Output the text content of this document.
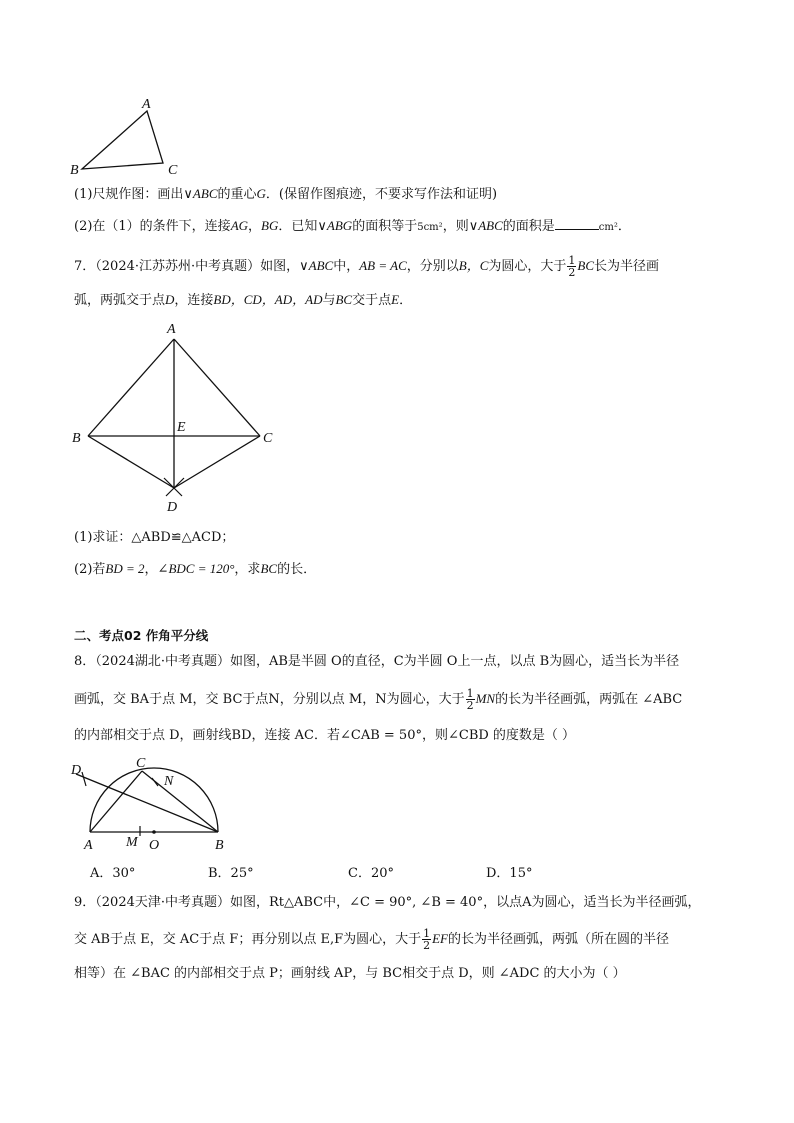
A
B	C
(1)尺规作图：画出∨ABC的重心G．(保留作图痕迹，不要求写作法和证明)
(2)在（1）的条件下，连接AG，BG．已知∨ABG的面积等于5cm²，则∨ABC的面积是	cm²．
7．（2024·江苏苏州·中考真题）如图，∨ABC中，AB = AC，分别以B，C为圆心，大于 $\frac{1}{2}$ BC长为半径画
弧，两弧交于点D，连接BD，CD，AD，AD与BC交于点E．
A
B	C
E
D
(1)求证：△ABD≌△ACD；
(2)若BD = 2，∠BDC = 120°，求BC的长．
二、考点02 作角平分线
8．（2024湖北·中考真题）如图，AB是半圆 O的直径，C为半圆 O上一点，以点 B为圆心，适当长为半径
画弧，交 BA于点 M，交 BC于点N，分别以点 M，N为圆心，大于 $\frac{1}{2}$ MN的长为半径画弧，两弧在 ∠ABC
的内部相交于点 D，画射线BD，连接 AC．若∠CAB = 50°，则∠CBD 的度数是（ ）
D	C
N
A M O	B
A．30°	B．25°	C．20°	D．15°
9．（2024天津·中考真题）如图，Rt△ABC中，∠C = 90°, ∠B = 40°，以点A为圆心，适当长为半径画弧，
交 AB于点 E，交 AC于点 F；再分别以点 E,F为圆心，大于 $\frac{1}{2}$ EF的长为半径画弧，两弧（所在圆的半径
相等）在 ∠BAC 的内部相交于点 P；画射线 AP，与 BC相交于点 D，则 ∠ADC 的大小为（ ）
